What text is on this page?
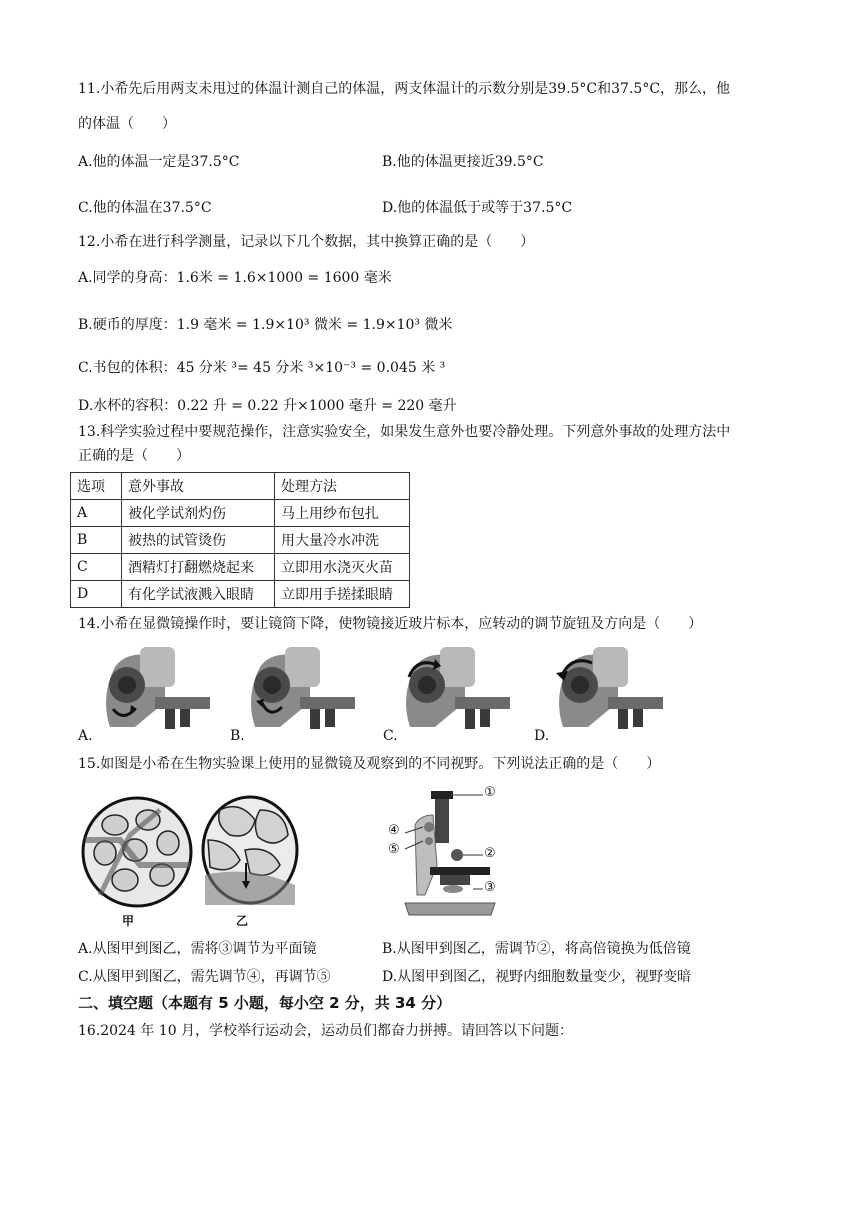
11.小希先后用两支未甩过的体温计测自己的体温，两支体温计的示数分别是39.5°C和37.5°C，那么，他
的体温（　　）
A.他的体温一定是37.5°C	B.他的体温更接近39.5°C
C.他的体温在37.5°C	D.他的体温低于或等于37.5°C
12.小希在进行科学测量，记录以下几个数据，其中换算正确的是（　　）
A.同学的身高：1.6米 = 1.6×1000 = 1600 毫米
B.硬币的厚度：1.9 毫米 = 1.9×10³ 微米 = 1.9×10³ 微米
C.书包的体积：45 分米 ³= 45 分米 ³×10⁻³ = 0.045 米 ³
D.水杯的容积：0.22 升 = 0.22 升×1000 毫升 = 220 毫升
13.科学实验过程中要规范操作，注意实验安全，如果发生意外也要冷静处理。下列意外事故的处理方法中
正确的是（　　）
选项	意外事故	处理方法
A	被化学试剂灼伤	马上用纱布包扎
B	被热的试管烫伤	用大量冷水冲洗
C	酒精灯打翻燃烧起来	立即用水浇灭火苗
D	有化学试液溅入眼睛	立即用手搓揉眼睛
14.小希在显微镜操作时，要让镜筒下降，使物镜接近玻片标本，应转动的调节旋钮及方向是（　　）
A.	B.	C.	D.
15.如图是小希在生物实验课上使用的显微镜及观察到的不同视野。下列说法正确的是（　　）
甲	乙
①
②
③
④
⑤
A.从图甲到图乙，需将③调节为平面镜	B.从图甲到图乙，需调节②，将高倍镜换为低倍镜
C.从图甲到图乙，需先调节④，再调节⑤	D.从图甲到图乙，视野内细胞数量变少，视野变暗
二、填空题（本题有 5 小题，每小空 2 分，共 34 分）
16.2024 年 10 月，学校举行运动会，运动员们都奋力拼搏。请回答以下问题：
